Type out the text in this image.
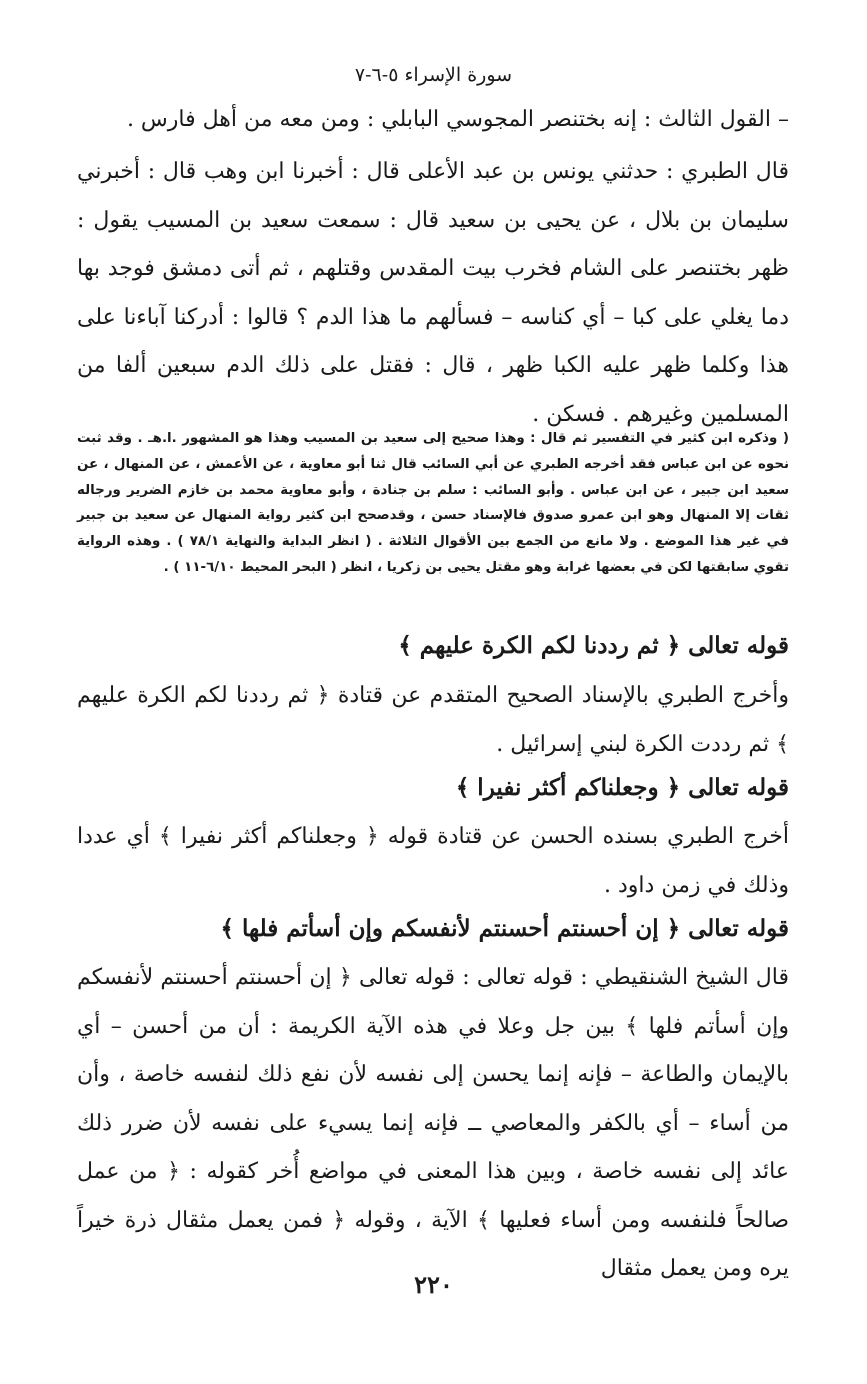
سورة الإسراء ٥-٦-٧

– القول الثالث : إنه بختنصر المجوسي البابلي : ومن معه من أهل فارس .

قال الطبري : حدثني يونس بن عبد الأعلى قال : أخبرنا ابن وهب قال : أخبرني سليمان بن بلال ، عن يحيى بن سعيد قال : سمعت سعيد بن المسيب يقول : ظهر بختنصر على الشام فخرب بيت المقدس وقتلهم ، ثم أتى دمشق فوجد بها دما يغلي على كبا – أي كناسه – فسألهم ما هذا الدم ؟ قالوا : أدركنا آباءنا على هذا وكلما ظهر عليه الكبا ظهر ، قال : فقتل على ذلك الدم سبعين ألفا من المسلمين وغيرهم . فسكن .

( وذكره ابن كثير في التفسير ثم قال : وهذا صحيح إلى سعيد بن المسيب وهذا هو المشهور .ا.هـ . وقد ثبت نحوه عن ابن عباس فقد أخرجه الطبري عن أبي السائب قال ثنا أبو معاوية ، عن الأعمش ، عن المنهال ، عن سعيد ابن جبير ، عن ابن عباس . وأبو السائب : سلم بن جنادة ، وأبو معاوية محمد بن خازم الضرير ورجاله ثقات إلا المنهال وهو ابن عمرو صدوق فالإسناد حسن ، وقدصحح ابن كثير رواية المنهال عن سعيد بن جبير في غير هذا الموضع . ولا مانع من الجمع بين الأقوال الثلاثة . ( انظر البداية والنهاية ٧٨/١ ) . وهذه الرواية تقوي سابقتها لكن في بعضها غرابة وهو مقتل يحيى بن زكريا ، انظر ( البحر المحيط ٦/١٠-١١ ) .

قوله تعالى ﴿ ثم رددنا لكم الكرة عليهم ﴾

وأخرج الطبري بالإسناد الصحيح المتقدم عن قتادة ﴿ ثم رددنا لكم الكرة عليهم ﴾ ثم رددت الكرة لبني إسرائيل .

قوله تعالى ﴿ وجعلناكم أكثر نفيرا ﴾

أخرج الطبري بسنده الحسن عن قتادة قوله ﴿ وجعلناكم أكثر نفيرا ﴾ أي عددا وذلك في زمن داود .

قوله تعالى ﴿ إن أحسنتم أحسنتم لأنفسكم وإن أسأتم فلها ﴾

قال الشيخ الشنقيطي : قوله تعالى : قوله تعالى ﴿ إن أحسنتم أحسنتم لأنفسكم وإن أسأتم فلها ﴾ بين جل وعلا في هذه الآية الكريمة : أن من أحسن – أي بالإيمان والطاعة – فإنه إنما يحسن إلى نفسه لأن نفع ذلك لنفسه خاصة ، وأن من أساء – أي بالكفر والمعاصي ــ فإنه إنما يسيء على نفسه لأن ضرر ذلك عائد إلى نفسه خاصة ، وبين هذا المعنى في مواضع أُخر كقوله : ﴿ من عمل صالحاً فلنفسه ومن أساء فعليها ﴾ الآية ، وقوله ﴿ فمن يعمل مثقال ذرة خيراً يره ومن يعمل مثقال

٢٢٠
